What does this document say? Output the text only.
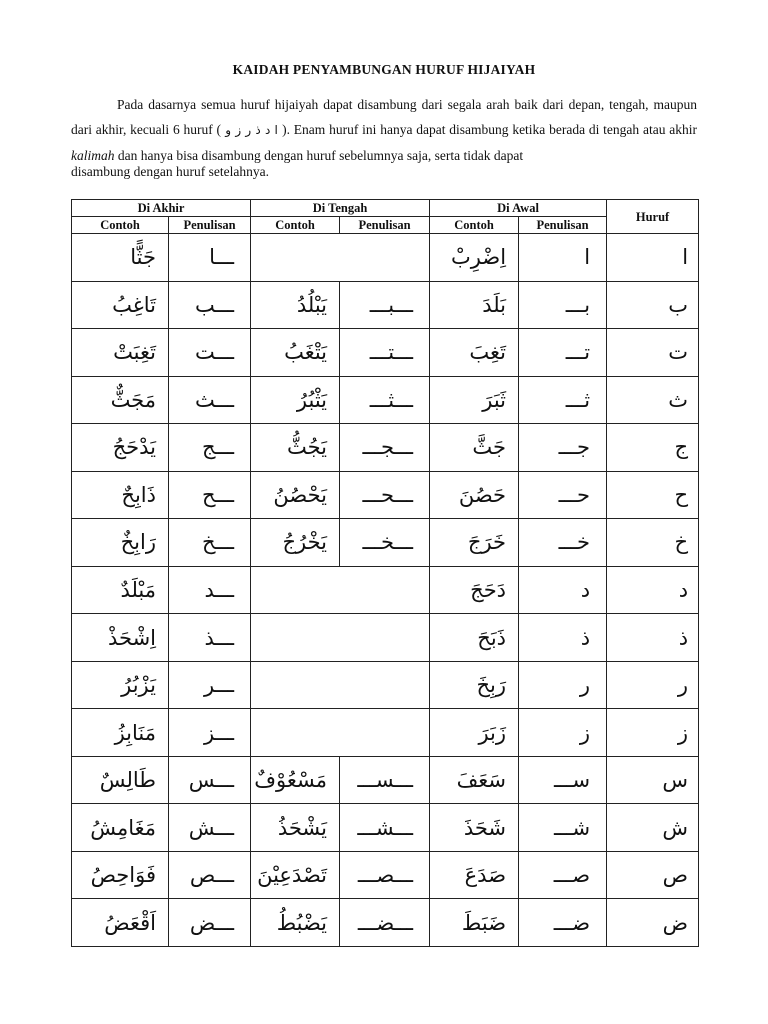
KAIDAH PENYAMBUNGAN HURUF HIJAIYAH
Pada dasarnya semua huruf hijaiyah dapat disambung dari segala arah baik dari depan, tengah, maupun dari akhir, kecuali 6 huruf ( ا د ذ ر ز و ). Enam huruf ini hanya dapat disambung ketika berada di tengah atau akhir kalimah dan hanya bisa disambung dengan huruf sebelumnya saja, serta tidak dapat
disambung dengan huruf setelahnya.
Di Akhir		Di Tengah		Di Awal		Huruf
Contoh	Penulisan	Contoh	Penulisan	Contoh	Penulisan	
جَثًّا	ـــا			اِضْرِبْ	ا	ا
تَاغِبُ	ـــب	يَبْلُدُ	ـــبـــ	بَلَدَ	بـــ	ب
تَغِبَتْ	ـــت	يَتْغَبُ	ـــتـــ	تَغِبَ	تـــ	ت
مَجَثٌّ	ـــث	يَثْبُرُ	ـــثـــ	ثَبَرَ	ثـــ	ث
يَدْحَجُ	ـــج	يَجُثُّ	ـــجـــ	جَثَّ	جـــ	ج
ذَابِحٌ	ـــح	يَحْصُنُ	ـــحـــ	حَصُنَ	حـــ	ح
رَابِخٌ	ـــخ	يَخْرُجُ	ـــخـــ	خَرَجَ	خـــ	خ
مَبْلَدٌ	ـــد			دَحَجَ	د	د
اِشْحَذْ	ـــذ			ذَبَحَ	ذ	ذ
يَزْبُرُ	ـــر			رَبِخَ	ر	ر
مَنَابِزُ	ـــز			زَبَرَ	ز	ز
طَالِسٌ	ـــس	مَسْعُوْفٌ	ـــســـ	سَعَفَ	ســـ	س
مَغَامِشُ	ـــش	يَشْحَذُ	ـــشـــ	شَحَذَ	شـــ	ش
فَوَاحِصُ	ـــص	تَصْدَعِيْنَ	ـــصـــ	صَدَعَ	صـــ	ص
اَقْعَضُ	ـــض	يَضْبُطُ	ـــضـــ	ضَبَطَ	ضـــ	ض
